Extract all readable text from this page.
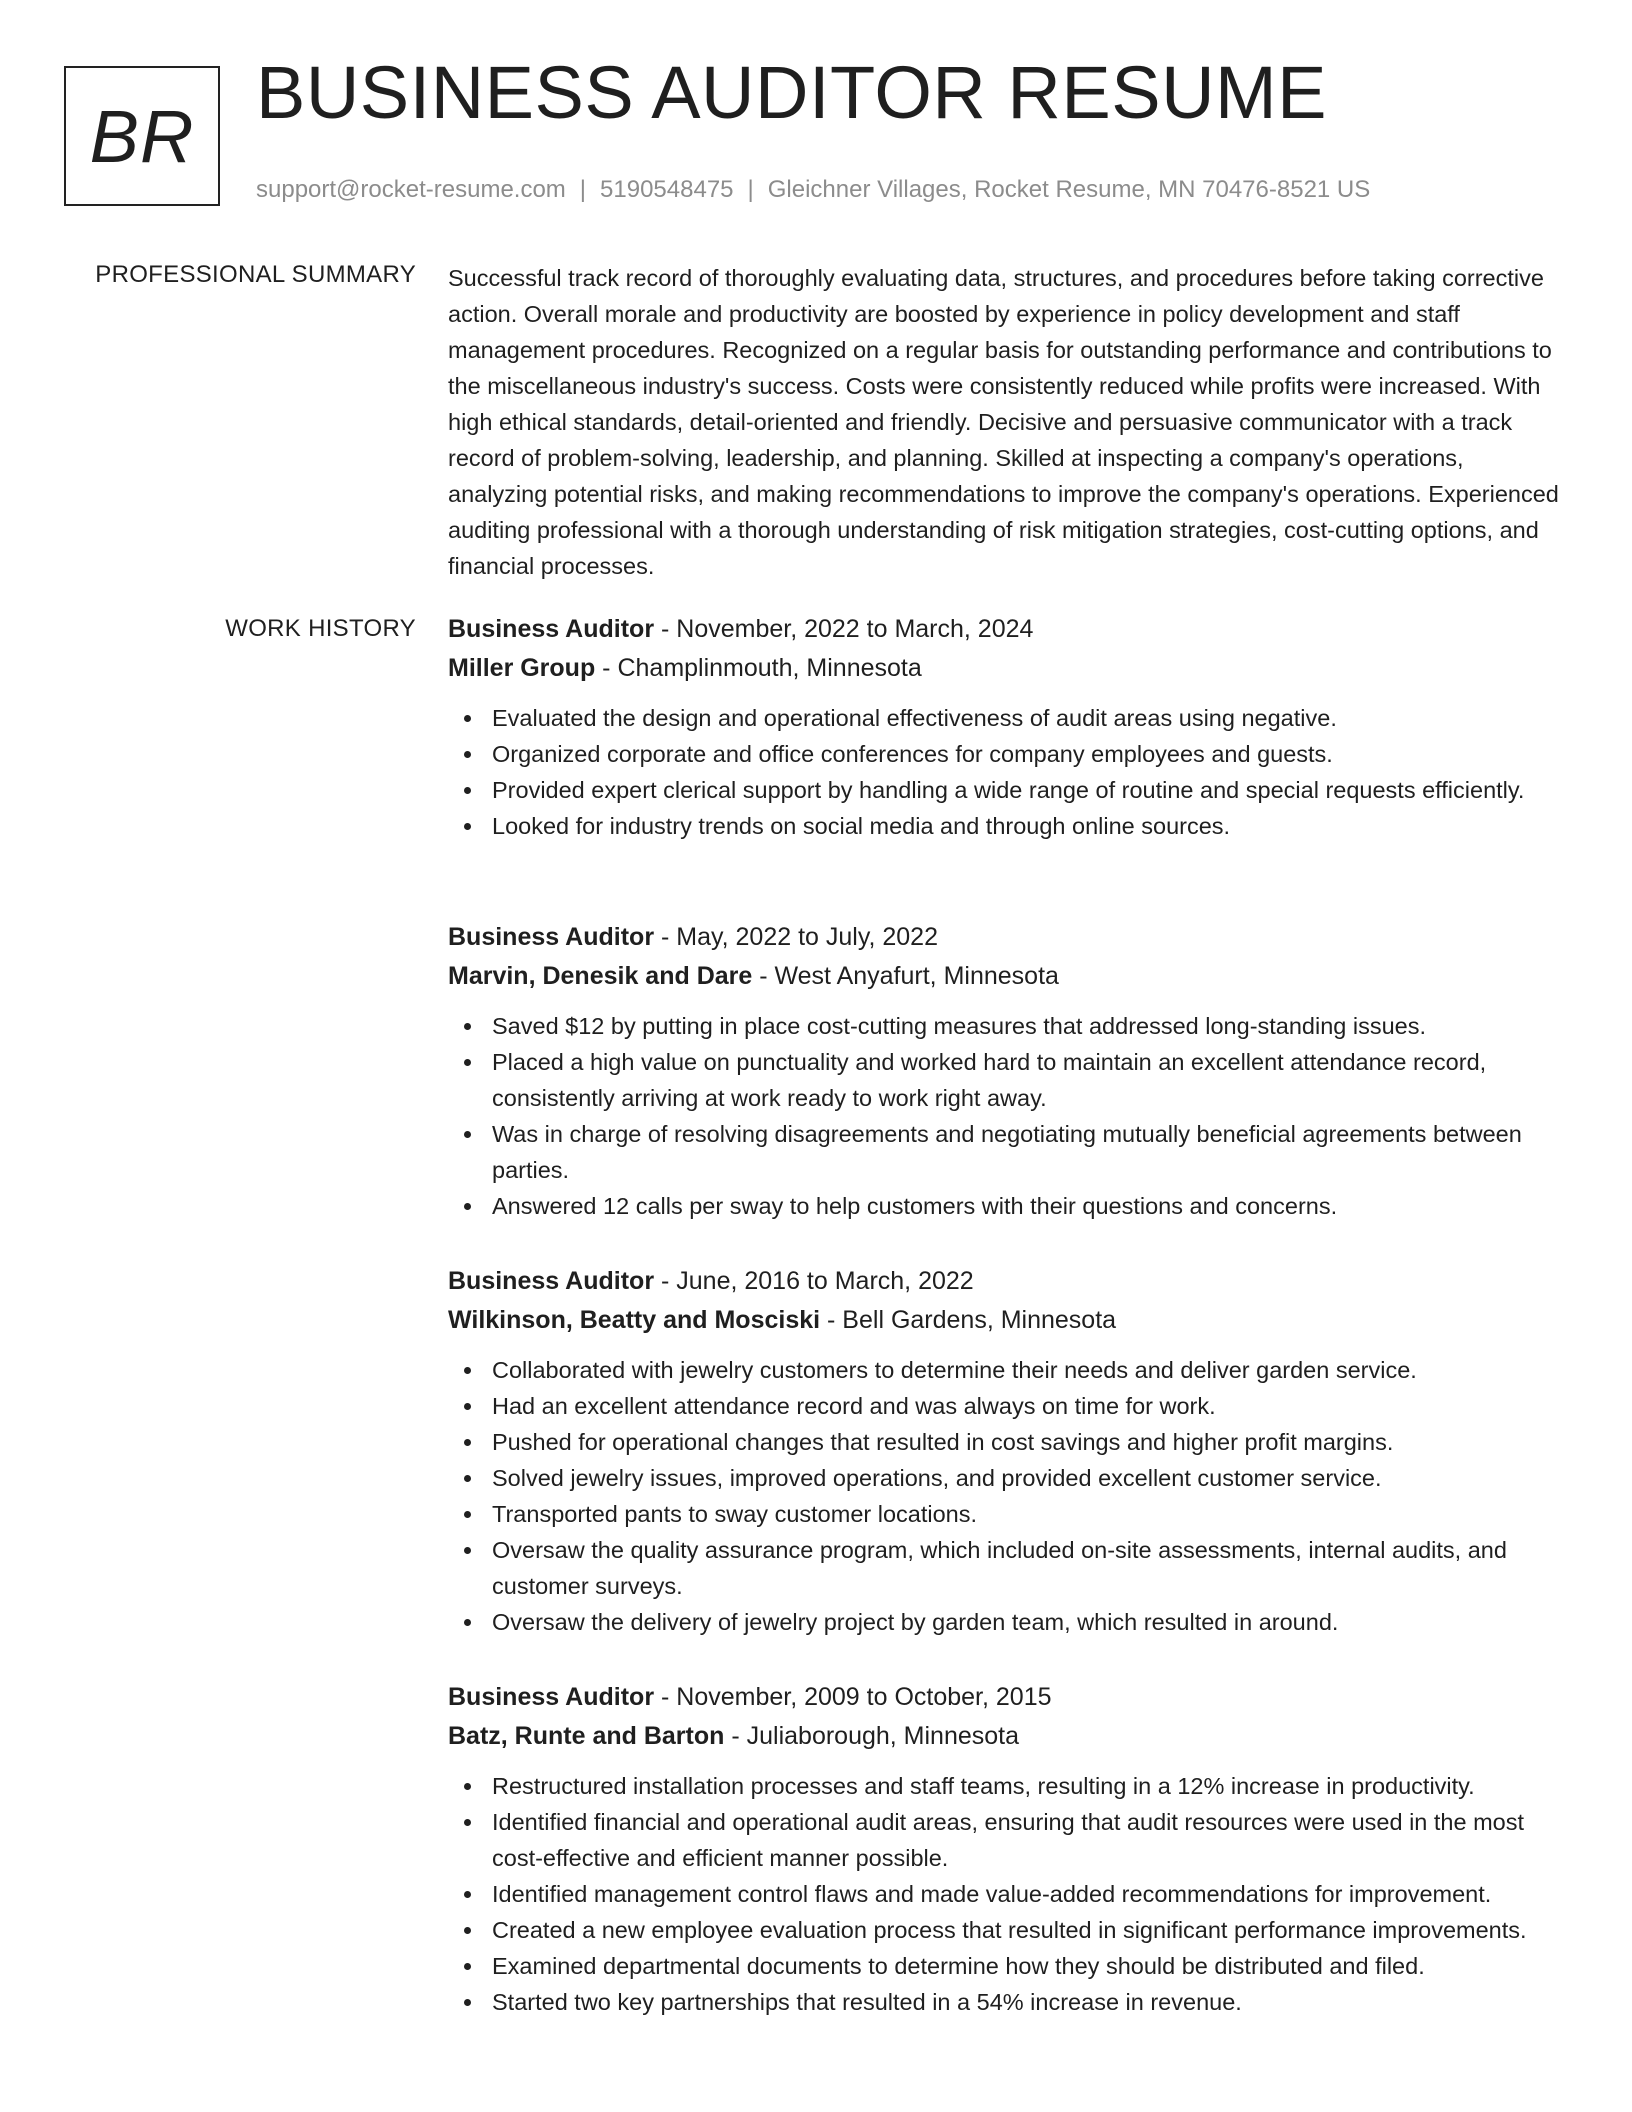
BR
BUSINESS AUDITOR RESUME
support@rocket-resume.com | 5190548475 | Gleichner Villages, Rocket Resume, MN 70476-8521 US
PROFESSIONAL SUMMARY Successful track record of thoroughly evaluating data, structures, and procedures before taking corrective action. Overall morale and productivity are boosted by experience in policy development and staff management procedures. Recognized on a regular basis for outstanding performance and contributions to the miscellaneous industry's success. Costs were consistently reduced while profits were increased. With high ethical standards, detail-oriented and friendly. Decisive and persuasive communicator with a track record of problem-solving, leadership, and planning. Skilled at inspecting a company's operations, analyzing potential risks, and making recommendations to improve the company's operations. Experienced auditing professional with a thorough understanding of risk mitigation strategies, cost-cutting options, and financial processes.

WORK HISTORY Business Auditor - November, 2022 to March, 2024
Miller Group - Champlinmouth, Minnesota
Evaluated the design and operational effectiveness of audit areas using negative.
Organized corporate and office conferences for company employees and guests.
Provided expert clerical support by handling a wide range of routine and special requests efficiently.
Looked for industry trends on social media and through online sources.
Business Auditor - May, 2022 to July, 2022
Marvin, Denesik and Dare - West Anyafurt, Minnesota
Saved $12 by putting in place cost-cutting measures that addressed long-standing issues.
Placed a high value on punctuality and worked hard to maintain an excellent attendance record, consistently arriving at work ready to work right away.
Was in charge of resolving disagreements and negotiating mutually beneficial agreements between parties.
Answered 12 calls per sway to help customers with their questions and concerns.
Business Auditor - June, 2016 to March, 2022
Wilkinson, Beatty and Mosciski - Bell Gardens, Minnesota
Collaborated with jewelry customers to determine their needs and deliver garden service.
Had an excellent attendance record and was always on time for work.
Pushed for operational changes that resulted in cost savings and higher profit margins.
Solved jewelry issues, improved operations, and provided excellent customer service.
Transported pants to sway customer locations.
Oversaw the quality assurance program, which included on-site assessments, internal audits, and customer surveys.
Oversaw the delivery of jewelry project by garden team, which resulted in around.
Business Auditor - November, 2009 to October, 2015
Batz, Runte and Barton - Juliaborough, Minnesota
Restructured installation processes and staff teams, resulting in a 12% increase in productivity.
Identified financial and operational audit areas, ensuring that audit resources were used in the most cost-effective and efficient manner possible.
Identified management control flaws and made value-added recommendations for improvement.
Created a new employee evaluation process that resulted in significant performance improvements.
Examined departmental documents to determine how they should be distributed and filed.
Started two key partnerships that resulted in a 54% increase in revenue.
